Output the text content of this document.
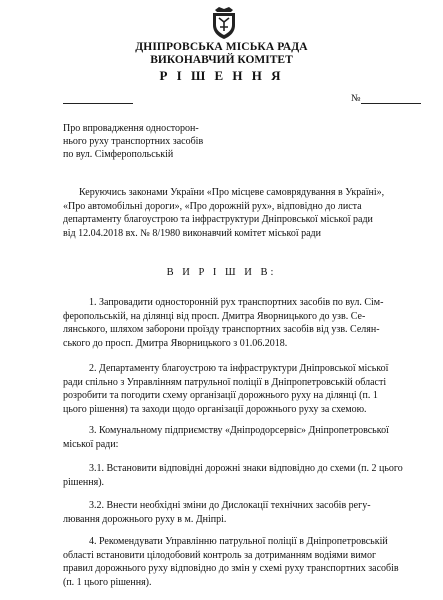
ДНІПРОВСЬКА МІСЬКА РАДА
ВИКОНАВЧИЙ КОМІТЕТ
Р І Ш Е Н Н Я
№
Про впровадження односторон-
нього руху транспортних засобів
по вул. Сімферопольській
Керуючись законами України «Про місцеве самоврядування в Україні»,
«Про автомобільні дороги», «Про дорожній рух», відповідно до листа
департаменту благоустрою та інфраструктури Дніпровської міської ради
від 12.04.2018 вх. № 8/1980 виконавчий комітет міської ради
В И Р І Ш И В:
1. Запровадити односторонній рух транспортних засобів по вул. Сім-
феропольській, на ділянці від просп. Дмитра Яворницького до узв. Се-
лянського, шляхом заборони проїзду транспортних засобів від узв. Селян-
ського до просп. Дмитра Яворницького з 01.06.2018.
2. Департаменту благоустрою та інфраструктури Дніпровської міської
ради спільно з Управлінням патрульної поліції в Дніпропетровській області
розробити та погодити схему організації дорожнього руху на ділянці (п. 1
цього рішення) та заходи щодо організації дорожнього руху за схемою.
3. Комунальному підприємству «Дніпродорсервіс» Дніпропетровської
міської ради:
3.1. Встановити відповідні дорожні знаки відповідно до схеми (п. 2 цього
рішення).
3.2. Внести необхідні зміни до Дислокації технічних засобів регу-
лювання дорожнього руху в м. Дніпрі.
4. Рекомендувати Управлінню патрульної поліції в Дніпропетровській
області встановити цілодобовий контроль за дотриманням водіями вимог
правил дорожнього руху відповідно до змін у схемі руху транспортних засобів
(п. 1 цього рішення).
